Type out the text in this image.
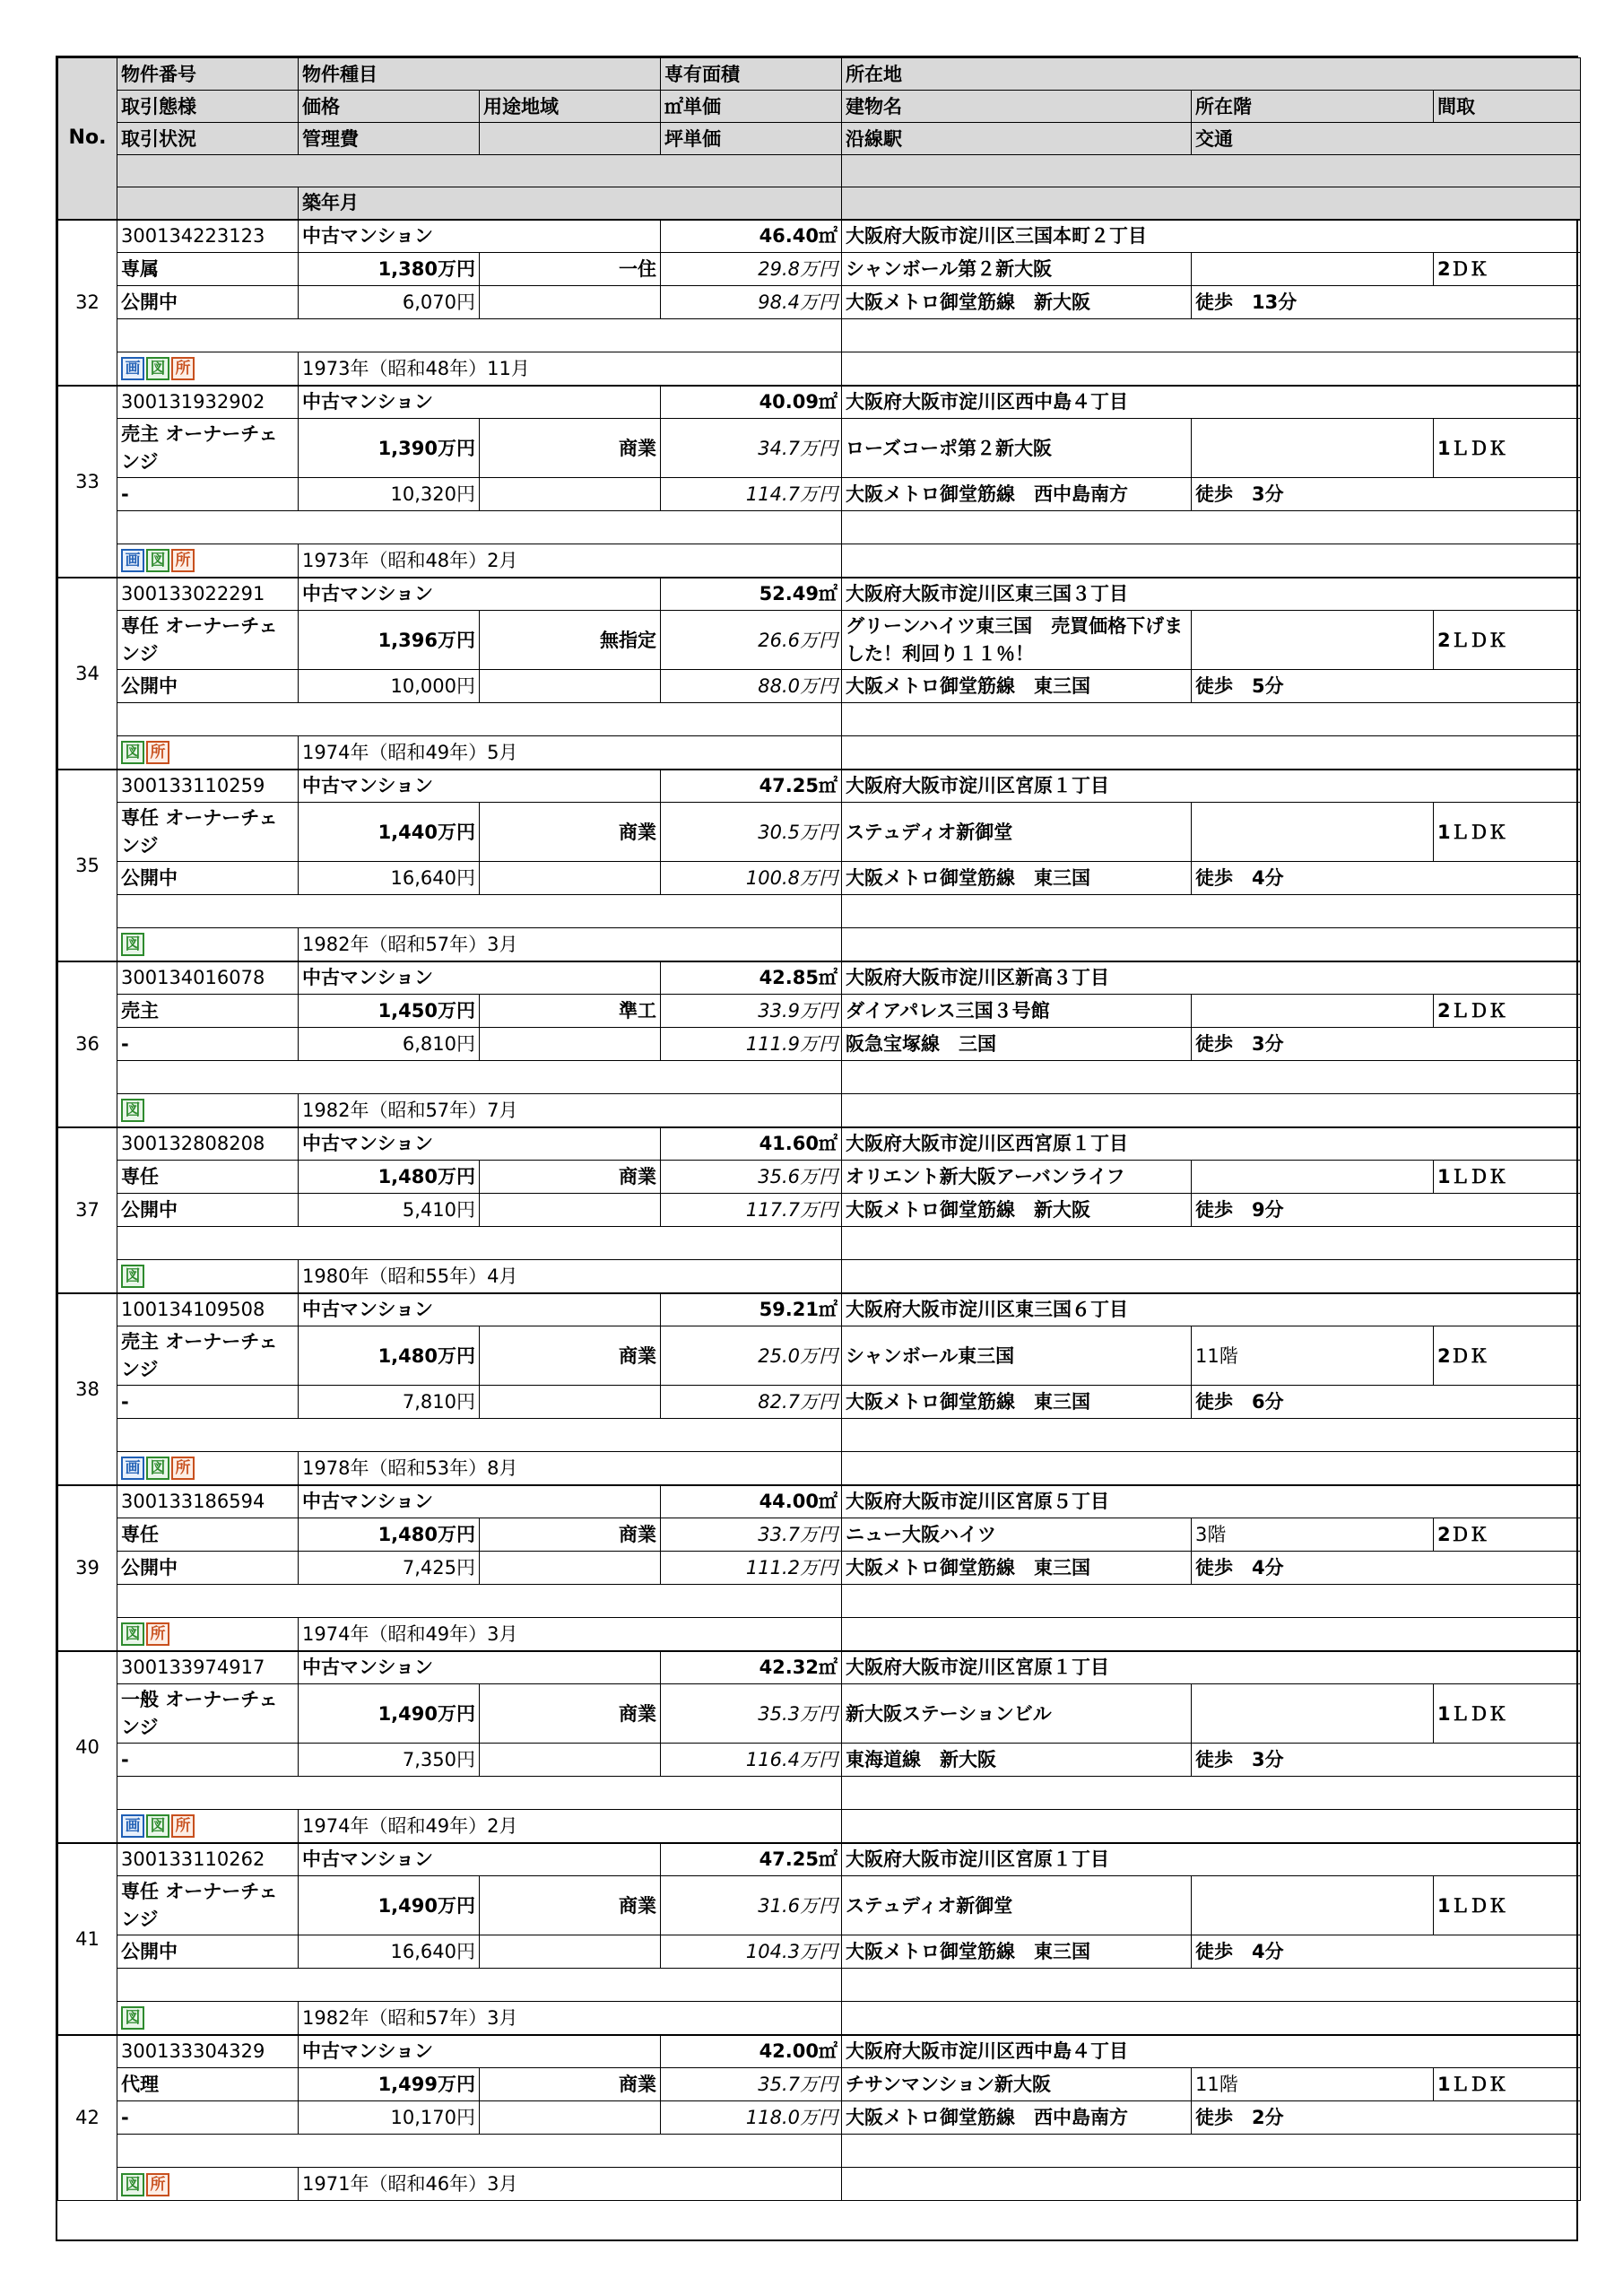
No.	物件番号	物件種目		専有面積	所在地		
	取引態様	価格	用途地域	㎡単価	建物名	所在階	間取
	取引状況	管理費		坪単価	沿線駅	交通	

		築年月					
32	300134223123	中古マンション		46.40㎡	大阪府大阪市淀川区三国本町２丁目		
	専属	1,380万円	一住	29.8万円	シャンボール第２新大阪		2ＤＫ
	公開中	6,070円		98.4万円	大阪メトロ御堂筋線　新大阪	徒歩　13分	

	画 図 所	1973年（昭和48年）11月					
33	300131932902	中古マンション		40.09㎡	大阪府大阪市淀川区西中島４丁目		
	売主 オーナーチェンジ	1,390万円	商業	34.7万円	ローズコーポ第２新大阪		1ＬＤＫ
	-	10,320円		114.7万円	大阪メトロ御堂筋線　西中島南方	徒歩　3分	

	画 図 所	1973年（昭和48年）2月					
34	300133022291	中古マンション		52.49㎡	大阪府大阪市淀川区東三国３丁目		
	専任 オーナーチェンジ	1,396万円	無指定	26.6万円	グリーンハイツ東三国　売買価格下げました！利回り１１％！		2ＬＤＫ
	公開中	10,000円		88.0万円	大阪メトロ御堂筋線　東三国	徒歩　5分	

	図 所	1974年（昭和49年）5月					
35	300133110259	中古マンション		47.25㎡	大阪府大阪市淀川区宮原１丁目		
	専任 オーナーチェンジ	1,440万円	商業	30.5万円	ステュディオ新御堂		1ＬＤＫ
	公開中	16,640円		100.8万円	大阪メトロ御堂筋線　東三国	徒歩　4分	

	図	1982年（昭和57年）3月					
36	300134016078	中古マンション		42.85㎡	大阪府大阪市淀川区新高３丁目		
	売主	1,450万円	準工	33.9万円	ダイアパレス三国３号館		2ＬＤＫ
	-	6,810円		111.9万円	阪急宝塚線　三国	徒歩　3分	

	図	1982年（昭和57年）7月					
37	300132808208	中古マンション		41.60㎡	大阪府大阪市淀川区西宮原１丁目		
	専任	1,480万円	商業	35.6万円	オリエント新大阪アーバンライフ		1ＬＤＫ
	公開中	5,410円		117.7万円	大阪メトロ御堂筋線　新大阪	徒歩　9分	

	図	1980年（昭和55年）4月					
38	100134109508	中古マンション		59.21㎡	大阪府大阪市淀川区東三国６丁目		
	売主 オーナーチェンジ	1,480万円	商業	25.0万円	シャンボール東三国	11階	2ＤＫ
	-	7,810円		82.7万円	大阪メトロ御堂筋線　東三国	徒歩　6分	

	画 図 所	1978年（昭和53年）8月					
39	300133186594	中古マンション		44.00㎡	大阪府大阪市淀川区宮原５丁目		
	専任	1,480万円	商業	33.7万円	ニュー大阪ハイツ	3階	2ＤＫ
	公開中	7,425円		111.2万円	大阪メトロ御堂筋線　東三国	徒歩　4分	

	図 所	1974年（昭和49年）3月					
40	300133974917	中古マンション		42.32㎡	大阪府大阪市淀川区宮原１丁目		
	一般 オーナーチェンジ	1,490万円	商業	35.3万円	新大阪ステーションビル		1ＬＤＫ
	-	7,350円		116.4万円	東海道線　新大阪	徒歩　3分	

	画 図 所	1974年（昭和49年）2月					
41	300133110262	中古マンション		47.25㎡	大阪府大阪市淀川区宮原１丁目		
	専任 オーナーチェンジ	1,490万円	商業	31.6万円	ステュディオ新御堂		1ＬＤＫ
	公開中	16,640円		104.3万円	大阪メトロ御堂筋線　東三国	徒歩　4分	

	図	1982年（昭和57年）3月					
42	300133304329	中古マンション		42.00㎡	大阪府大阪市淀川区西中島４丁目		
	代理	1,499万円	商業	35.7万円	チサンマンション新大阪	11階	1ＬＤＫ
	-	10,170円		118.0万円	大阪メトロ御堂筋線　西中島南方	徒歩　2分	

	図 所	1971年（昭和46年）3月					
